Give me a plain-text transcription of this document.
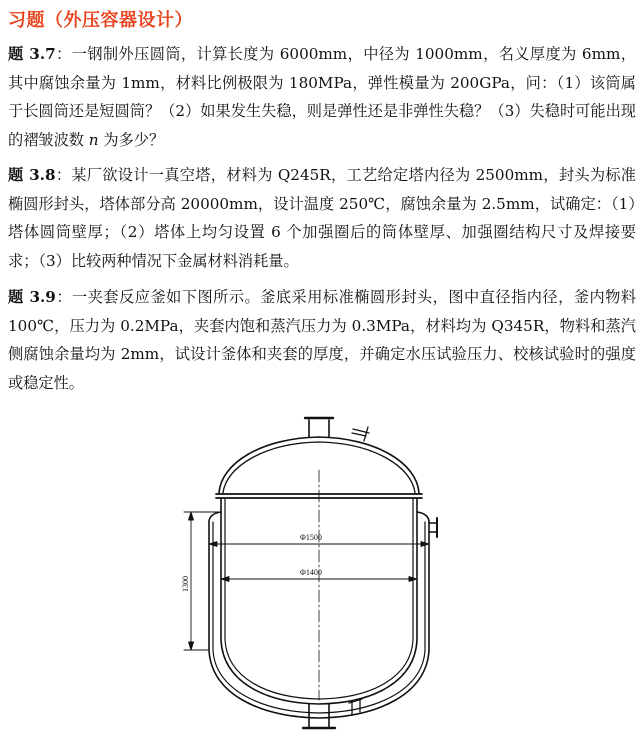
习题（外压容器设计）
题 3.7：一钢制外压圆筒，计算长度为 6000mm，中径为 1000mm，名义厚度为 6mm，其中腐蚀余量为 1mm，材料比例极限为 180MPa，弹性模量为 200GPa，问：（1）该筒属于长圆筒还是短圆筒？（2）如果发生失稳，则是弹性还是非弹性失稳？（3）失稳时可能出现的褶皱波数 n 为多少？
题 3.8：某厂欲设计一真空塔，材料为 Q245R，工艺给定塔内径为 2500mm，封头为标准椭圆形封头，塔体部分高 20000mm，设计温度 250℃，腐蚀余量为 2.5mm，试确定：（1）塔体圆筒壁厚；（2）塔体上均匀设置 6 个加强圈后的筒体壁厚、加强圈结构尺寸及焊接要求；（3）比较两种情况下金属材料消耗量。
题 3.9：一夹套反应釜如下图所示。釜底采用标准椭圆形封头，图中直径指内径，釜内物料 100℃，压力为 0.2MPa，夹套内饱和蒸汽压力为 0.3MPa，材料均为 Q345R，物料和蒸汽侧腐蚀余量均为 2mm，试设计釜体和夹套的厚度，并确定水压试验压力、校核试验时的强度或稳定性。
Φ1500
Φ1400
1300
